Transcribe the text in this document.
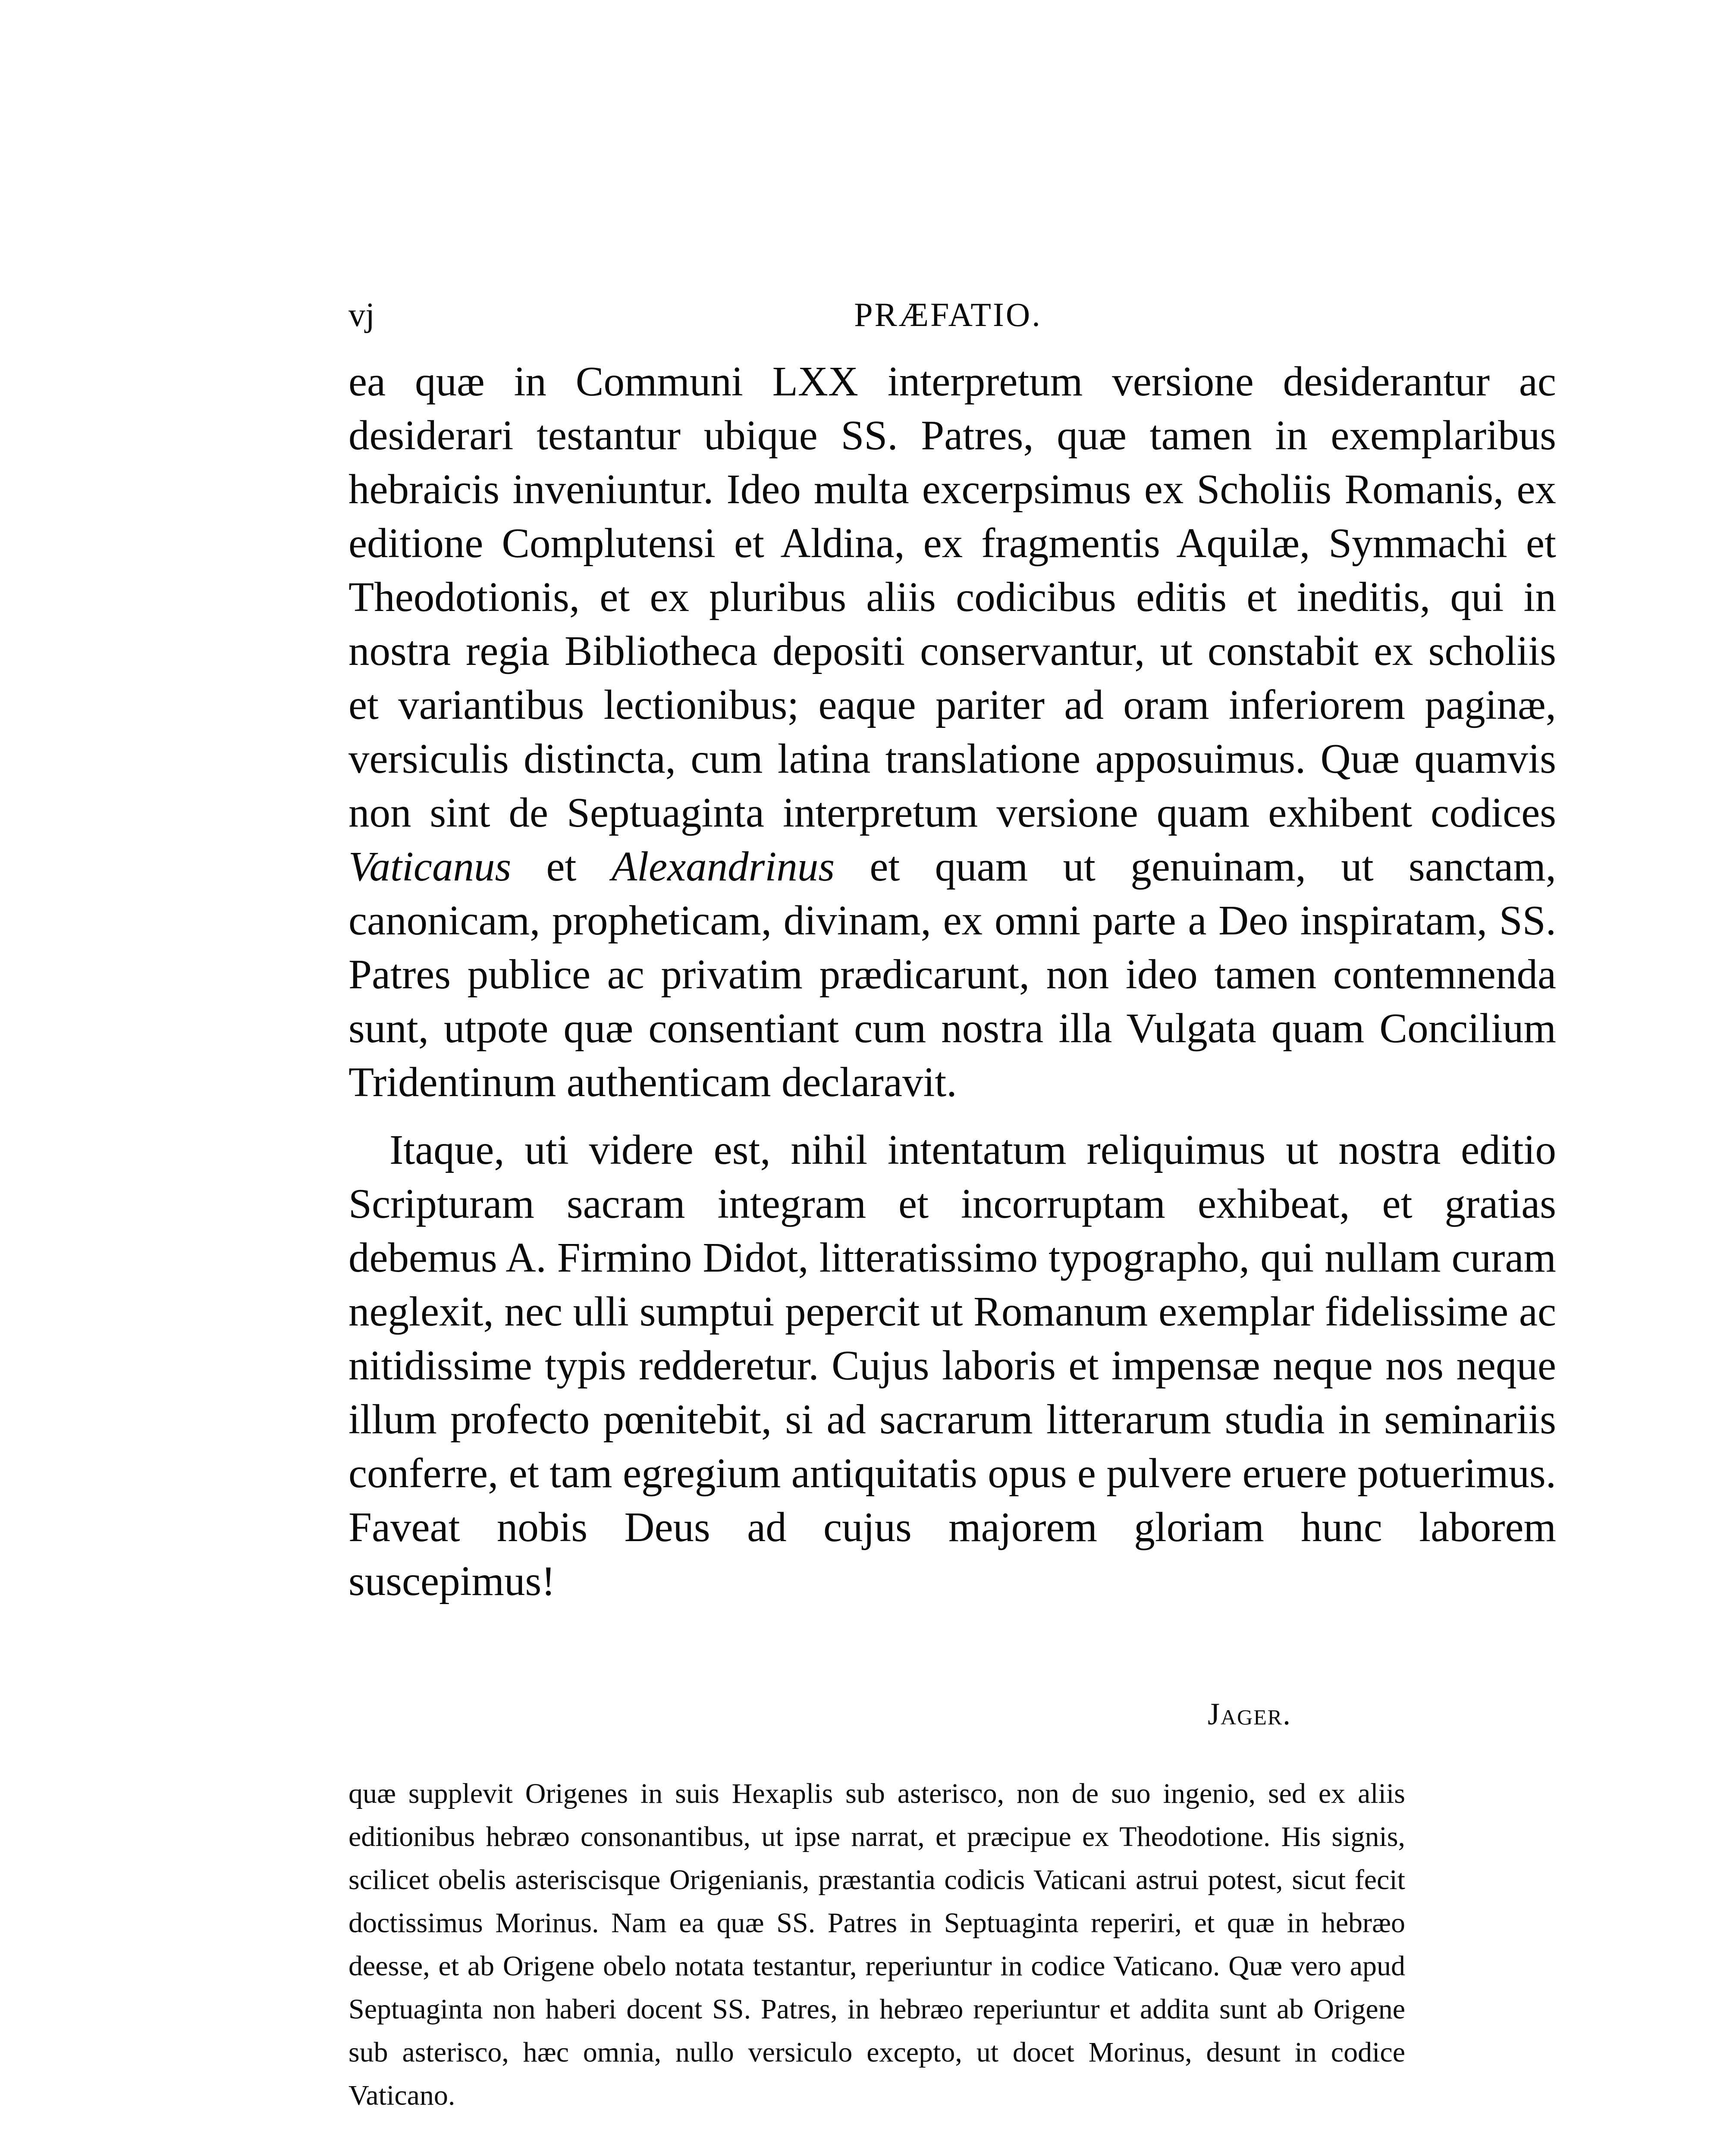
vj	PRÆFATIO.

ea quæ in Communi LXX interpretum versione desiderantur ac desiderari testantur ubique SS. Patres, quæ tamen in exemplaribus hebraicis inveniuntur. Ideo multa excerpsimus ex Scholiis Romanis, ex editione Complutensi et Aldina, ex fragmentis Aquilæ, Symmachi et Theodotionis, et ex pluribus aliis codicibus editis et ineditis, qui in nostra regia Bibliotheca depositi conservantur, ut constabit ex scholiis et variantibus lectionibus; eaque pariter ad oram inferiorem paginæ, versiculis distincta, cum latina translatione apposuimus. Quæ quamvis non sint de Septuaginta interpretum versione quam exhibent codices Vaticanus et Alexandrinus et quam ut genuinam, ut sanctam, canonicam, propheticam, divinam, ex omni parte a Deo inspiratam, SS. Patres publice ac privatim prædicarunt, non ideo tamen contemnenda sunt, utpote quæ consentiant cum nostra illa Vulgata quam Concilium Tridentinum authenticam declaravit.

Itaque, uti videre est, nihil intentatum reliquimus ut nostra editio Scripturam sacram integram et incorruptam exhibeat, et gratias debemus A. Firmino Didot, litteratissimo typographo, qui nullam curam neglexit, nec ulli sumptui pepercit ut Romanum exemplar fidelissime ac nitidissime typis redderetur. Cujus laboris et impensæ neque nos neque illum profecto pœnitebit, si ad sacrarum litterarum studia in seminariis conferre, et tam egregium antiquitatis opus e pulvere eruere potuerimus. Faveat nobis Deus ad cujus majorem gloriam hunc laborem suscepimus!

Jager.

quæ supplevit Origenes in suis Hexaplis sub asterisco, non de suo ingenio, sed ex aliis editionibus hebræo consonantibus, ut ipse narrat, et præcipue ex Theodotione. His signis, scilicet obelis asteriscisque Origenianis, præstantia codicis Vaticani astrui potest, sicut fecit doctissimus Morinus. Nam ea quæ SS. Patres in Septuaginta reperiri, et quæ in hebræo deesse, et ab Origene obelo notata testantur, reperiuntur in codice Vaticano. Quæ vero apud Septuaginta non haberi docent SS. Patres, in hebræo reperiuntur et addita sunt ab Origene sub asterisco, hæc omnia, nullo versiculo excepto, ut docet Morinus, desunt in codice Vaticano.
